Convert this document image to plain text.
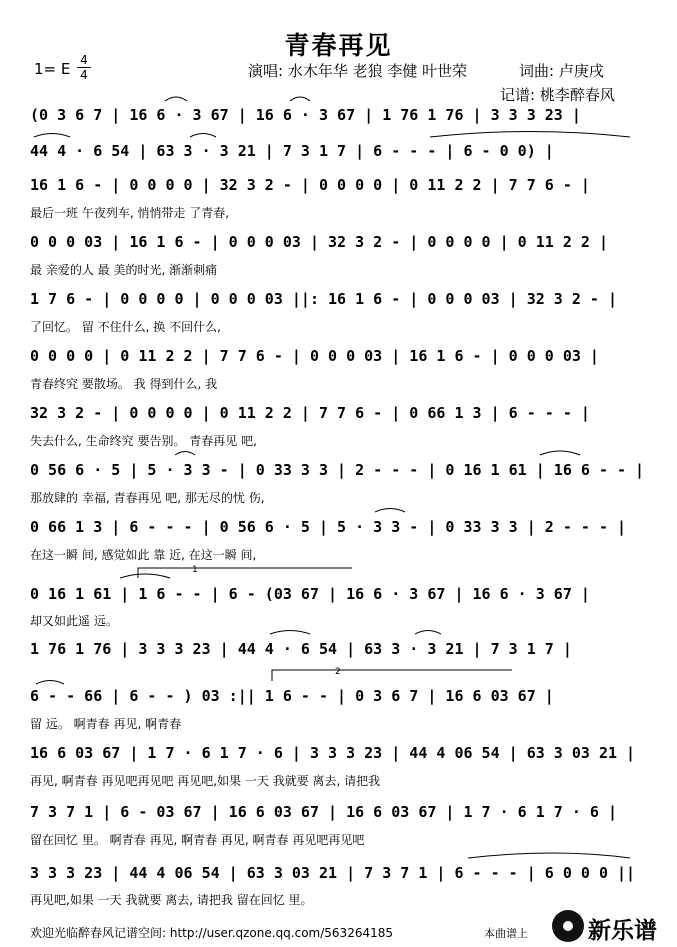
青春再见
1= E 4
4	演唱: 水木年华 老狼 李健 叶世荣	词曲: 卢庚戌
记谱: 桃李醉春风
(0 3 6 7 | 16 6 · 3 67 | 16 6 · 3 67 | 1 76 1 76 | 3 3 3 23 |
44 4 · 6 54 | 63 3 · 3 21 | 7 3 1 7 | 6 - - - | 6 - 0 0) |
16 1 6 - | 0 0 0 0 | 32 3 2 - | 0 0 0 0 | 0 11 2 2 | 7 7 6 - |
最后一班 午夜列车, 悄悄带走 了青春,
0 0 0 03 | 16 1 6 - | 0 0 0 03 | 32 3 2 - | 0 0 0 0 | 0 11 2 2 |
最 亲爱的人 最 美的时光, 渐渐刺痛
1 7 6 - | 0 0 0 0 | 0 0 0 03 ||: 16 1 6 - | 0 0 0 03 | 32 3 2 - |
了回忆。 留 不住什么, 换 不回什么,
0 0 0 0 | 0 11 2 2 | 7 7 6 - | 0 0 0 03 | 16 1 6 - | 0 0 0 03 |
青春终究 要散场。 我 得到什么, 我
32 3 2 - | 0 0 0 0 | 0 11 2 2 | 7 7 6 - | 0 66 1 3 | 6 - - - |
失去什么, 生命终究 要告别。 青春再见 吧,
0 56 6 · 5 | 5 · 3 3 - | 0 33 3 3 | 2 - - - | 0 16 1 61 | 16 6 - - |
那放肆的 幸福, 青春再见 吧, 那无尽的忧 伤,
0 66 1 3 | 6 - - - | 0 56 6 · 5 | 5 · 3 3 - | 0 33 3 3 | 2 - - - |
在这一瞬 间, 感觉如此 靠 近, 在这一瞬 间,
0 16 1 61 | 1 6 - - | 6 - (03 67 | 16 6 · 3 67 | 16 6 · 3 67 |
却又如此遥 远。
1 76 1 76 | 3 3 3 23 | 44 4 · 6 54 | 63 3 · 3 21 | 7 3 1 7 |
6 - - 66 | 6 - - ) 03 :|| 1 6 - - | 0 3 6 7 | 16 6 03 67 |
留 远。 啊青春 再见, 啊青春
16 6 03 67 | 1 7 · 6 1 7 · 6 | 3 3 3 23 | 44 4 06 54 | 63 3 03 21 |
再见, 啊青春 再见吧再见吧 再见吧,如果 一天 我就要 离去, 请把我
7 3 7 1 | 6 - 03 67 | 16 6 03 67 | 16 6 03 67 | 1 7 · 6 1 7 · 6 |
留在回忆 里。 啊青春 再见, 啊青春 再见, 啊青春 再见吧再见吧
3 3 3 23 | 44 4 06 54 | 63 3 03 21 | 7 3 7 1 | 6 - - - | 6 0 0 0 ||
再见吧,如果 一天 我就要 离去, 请把我 留在回忆 里。
1
2
欢迎光临醉春风记谱空间: http://user.qzone.qq.com/563264185	本曲谱上	新乐谱
